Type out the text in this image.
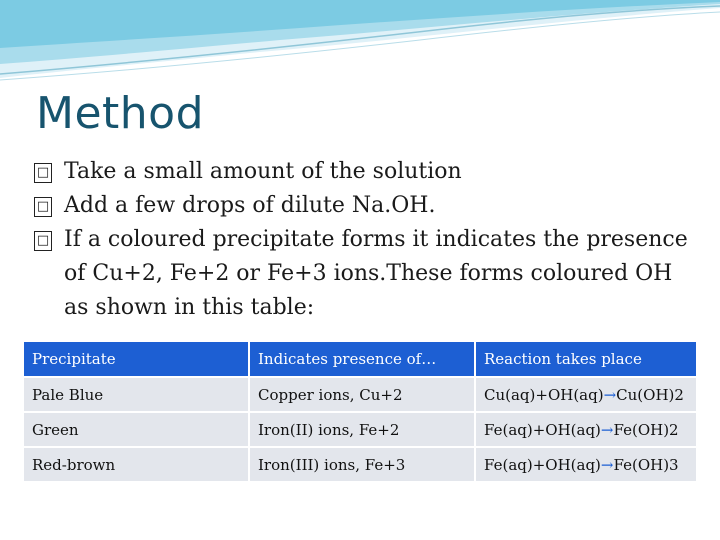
Method
□ Take a small amount of the solution
□ Add a few drops of dilute Na.OH.
□ If a coloured precipitate forms it indicates the presence of Cu+2, Fe+2 or Fe+3 ions.These forms coloured OH as shown in this table:
Precipitate	Indicates presence of…	Reaction takes place
Pale Blue	Copper ions, Cu+2	Cu(aq)+OH(aq)→Cu(OH)2
Green	Iron(II) ions, Fe+2	Fe(aq)+OH(aq)→Fe(OH)2
Red-brown	Iron(III) ions, Fe+3	Fe(aq)+OH(aq)→Fe(OH)3
